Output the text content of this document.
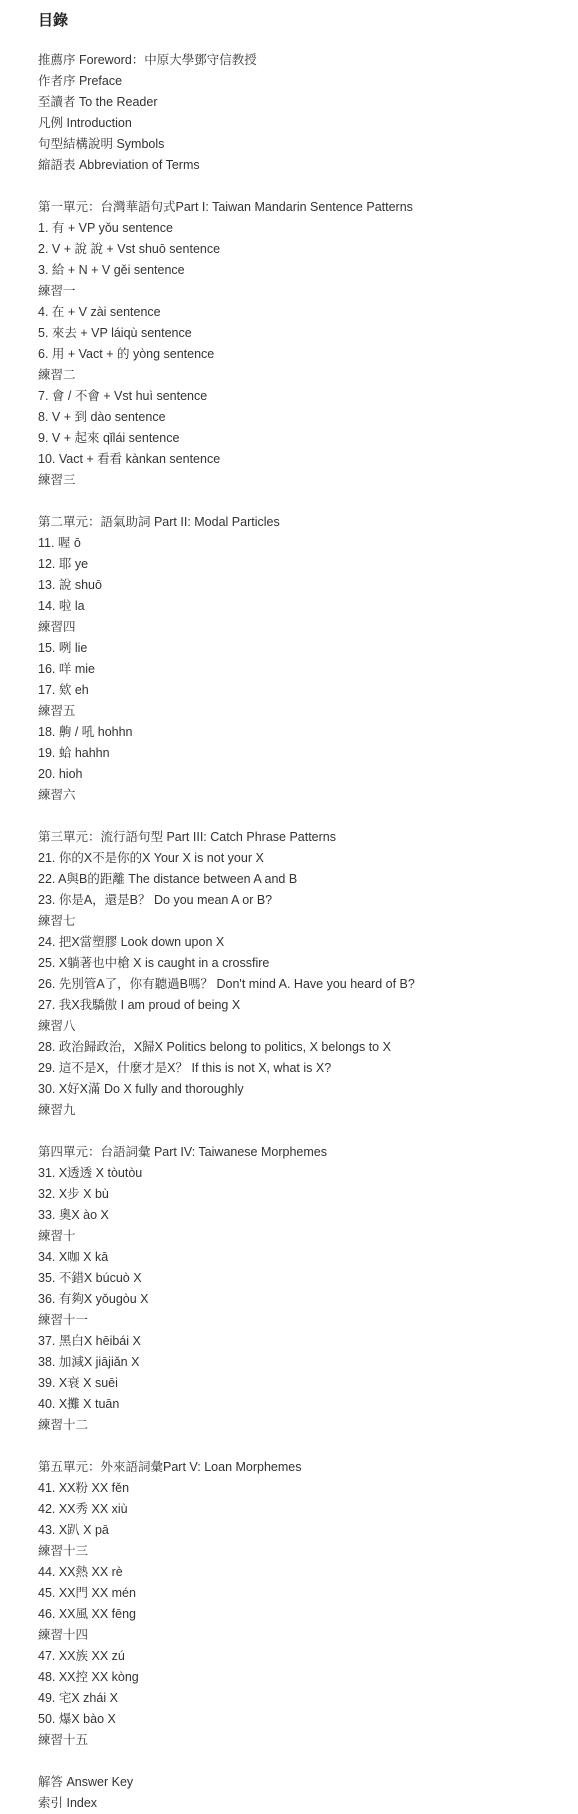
目錄
推薦序 Foreword：中原大學鄧守信教授
作者序 Preface
至讀者 To the Reader
凡例 Introduction
句型結構說明 Symbols
縮語表 Abbreviation of Terms
第一單元：台灣華語句式Part I: Taiwan Mandarin Sentence Patterns
1. 有 + VP yǒu sentence
2. V + 說 說 + Vst shuō sentence
3. 給 + N + V gěi sentence
練習一
4. 在 + V zài sentence
5. 來去 + VP láiqù sentence
6. 用 + Vact + 的 yòng sentence
練習二
7. 會 / 不會 + Vst huì sentence
8. V + 到 dào sentence
9. V + 起來 qǐlái sentence
10. Vact + 看看 kànkan sentence
練習三
第二單元：語氣助詞 Part II: Modal Particles
11. 喔 ō
12. 耶 ye
13. 說 shuō
14. 啦 la
練習四
15. 咧 lie
16. 咩 mie
17. 欸 eh
練習五
18. 齁 / 吼 hohhn
19. 蛤 hahhn
20. hioh
練習六
第三單元：流行語句型 Part III: Catch Phrase Patterns
21. 你的X不是你的X Your X is not your X
22. A與B的距離 The distance between A and B
23. 你是A，還是B？ Do you mean A or B?
練習七
24. 把X當塑膠 Look down upon X
25. X躺著也中槍 X is caught in a crossfire
26. 先別管A了，你有聽過B嗎？ Don't mind A. Have you heard of B?
27. 我X我驕傲 I am proud of being X
練習八
28. 政治歸政治，X歸X Politics belong to politics, X belongs to X
29. 這不是X，什麼才是X？ If this is not X, what is X?
30. X好X滿 Do X fully and thoroughly
練習九
第四單元：台語詞彙 Part IV: Taiwanese Morphemes
31. X透透 X tòutòu
32. X步 X bù
33. 奧X ào X
練習十
34. X咖 X kā
35. 不錯X búcuò X
36. 有夠X yǒugòu X
練習十一
37. 黑白X hēibái X
38. 加減X jiājiǎn X
39. X衰 X suēi
40. X攤 X tuān
練習十二
第五單元：外來語詞彙Part V: Loan Morphemes
41. XX粉 XX fěn
42. XX秀 XX xiù
43. X趴 X pā
練習十三
44. XX熱 XX rè
45. XX門 XX mén
46. XX風 XX fēng
練習十四
47. XX族 XX zú
48. XX控 XX kòng
49. 宅X zhái X
50. 爆X bào X
練習十五
解答 Answer Key
索引 Index
